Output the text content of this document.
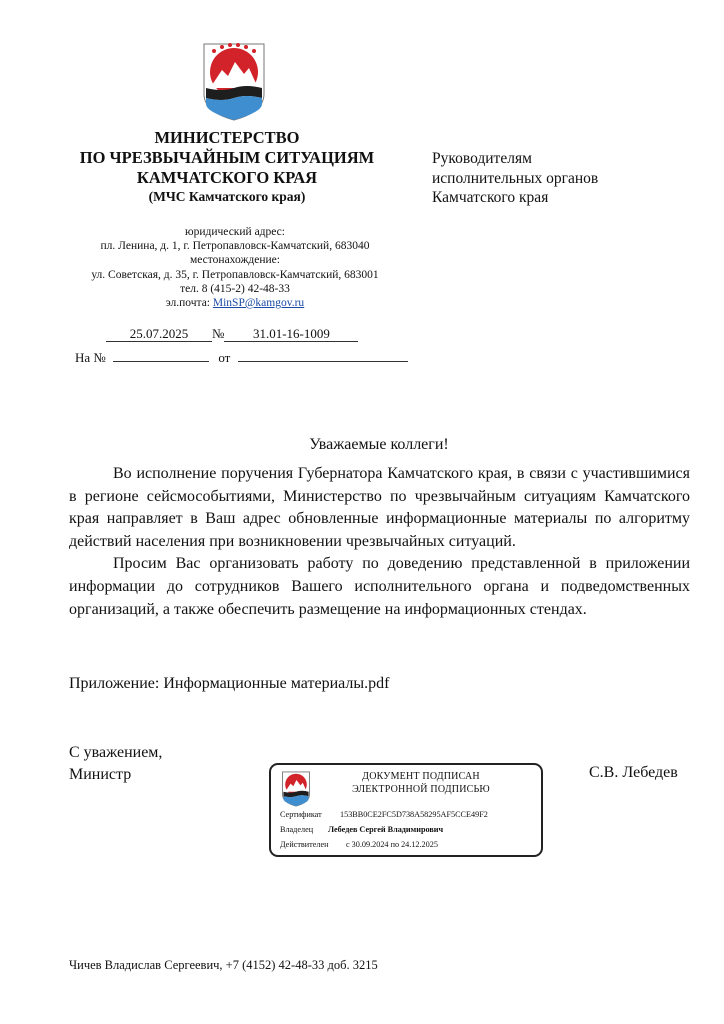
МИНИСТЕРСТВО
ПО ЧРЕЗВЫЧАЙНЫМ СИТУАЦИЯМ
КАМЧАТСКОГО КРАЯ
(МЧС Камчатского края)
Руководителям
исполнительных органов
Камчатского края
юридический адрес:
пл. Ленина, д. 1, г. Петропавловск-Камчатский, 683040
местонахождение:
ул. Советская, д. 35, г. Петропавловск-Камчатский, 683001
тел. 8 (415-2) 42-48-33
эл.почта: MinSP@kamgov.ru
25.07.2025 № 31.01-16-1009
На №	от
Уважаемые коллеги!

Во исполнение поручения Губернатора Камчатского края, в связи с участившимися в регионе сейсмособытиями, Министерство по чрезвычайным ситуациям Камчатского края направляет в Ваш адрес обновленные информационные материалы по алгоритму действий населения при возникновении чрезвычайных ситуаций.

Просим Вас организовать работу по доведению представленной в приложении информации до сотрудников Вашего исполнительного органа и подведомственных организаций, а также обеспечить размещение на информационных стендах.

Приложение: Информационные материалы.pdf
С уважением,
Министр	С.В. Лебедев
ДОКУМЕНТ ПОДПИСАН
ЭЛЕКТРОННОЙ ПОДПИСЬЮ
Сертификат 153BB0CE2FC5D738A58295AF5CCE49F2
Владелец Лебедев Сергей Владимирович
Действителен с 30.09.2024 по 24.12.2025
Чичев Владислав Сергеевич, +7 (4152) 42-48-33 доб. 3215
